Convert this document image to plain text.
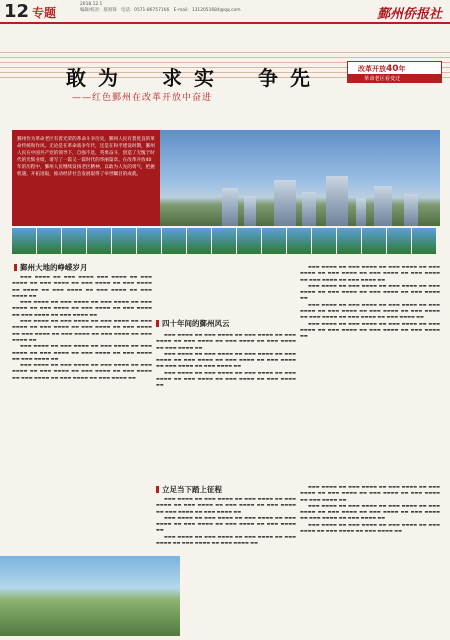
12 专题
2018.12.1
编辑/校对：蔡祖锋　电话：0571-86757166　E-mail：1312051684@qq.com	鄞州侨报社
改革开放40年
革命老区看变迁
敢为　求实　争先
——红色鄞州在改革开放中奋进
鄞州作为革命老区有着光荣的革命斗争历史，鄞州人民有着优良的革命传统和作风。无论是在革命战争年代，还是在和平建设时期，鄞州人民在中国共产党的领导下，自强不息，英勇奋斗，创造了无愧于时代的光辉业绩，谱写了一篇又一篇时代的华丽篇章。在改革开放40年的历程中，鄞州人民继续发扬老区精神，以敢为人先的勇气，把握机遇，开拓进取，推动经济社会发展取得了举世瞩目的成就。
鄞州大地的峥嵘岁月

▬▬▬ ▬▬▬▬ ▬▬ ▬▬▬ ▬▬▬▬ ▬▬▬ ▬▬▬▬ ▬▬ ▬▬▬ ▬▬▬▬ ▬▬ ▬▬▬ ▬▬▬▬ ▬▬ ▬▬▬ ▬▬▬▬ ▬▬ ▬▬▬ ▬▬▬▬ ▬▬ ▬▬▬▬ ▬▬ ▬▬▬ ▬▬▬▬ ▬▬ ▬▬▬ ▬▬▬▬ ▬▬ ▬▬▬ ▬▬▬▬ ▬▬

▬▬▬ ▬▬▬▬ ▬▬ ▬▬▬ ▬▬▬▬ ▬▬ ▬▬▬ ▬▬▬▬ ▬▬ ▬▬▬ ▬▬▬▬ ▬▬ ▬▬▬ ▬▬▬▬ ▬▬ ▬▬▬ ▬▬▬▬ ▬▬ ▬▬▬ ▬▬▬▬ ▬▬ ▬▬▬ ▬▬▬▬ ▬▬ ▬▬▬ ▬▬▬▬ ▬▬

▬▬▬ ▬▬▬▬ ▬▬ ▬▬▬ ▬▬▬▬ ▬▬ ▬▬▬ ▬▬▬▬ ▬▬ ▬▬▬ ▬▬▬▬ ▬▬ ▬▬▬ ▬▬▬▬ ▬▬ ▬▬▬ ▬▬▬▬ ▬▬ ▬▬▬ ▬▬▬▬ ▬▬ ▬▬▬ ▬▬▬▬ ▬▬ ▬▬▬ ▬▬▬▬ ▬▬ ▬▬▬ ▬▬▬▬ ▬▬ ▬▬▬ ▬▬▬▬ ▬▬

▬▬▬ ▬▬▬▬ ▬▬ ▬▬▬ ▬▬▬▬ ▬▬ ▬▬▬ ▬▬▬▬ ▬▬ ▬▬▬ ▬▬▬▬ ▬▬ ▬▬▬ ▬▬▬▬ ▬▬ ▬▬▬ ▬▬▬▬ ▬▬ ▬▬▬ ▬▬▬▬ ▬▬ ▬▬▬ ▬▬▬▬ ▬▬

▬▬▬ ▬▬▬▬ ▬▬ ▬▬▬ ▬▬▬▬ ▬▬ ▬▬▬ ▬▬▬▬ ▬▬ ▬▬▬ ▬▬▬▬ ▬▬ ▬▬▬ ▬▬▬▬ ▬▬ ▬▬▬ ▬▬▬▬ ▬▬ ▬▬▬ ▬▬▬▬ ▬▬ ▬▬▬ ▬▬▬▬ ▬▬ ▬▬▬ ▬▬▬▬ ▬▬ ▬▬▬ ▬▬▬▬ ▬▬

四十年间的鄞州风云

▬▬▬ ▬▬▬▬ ▬▬ ▬▬▬ ▬▬▬▬ ▬▬ ▬▬▬ ▬▬▬▬ ▬▬ ▬▬▬ ▬▬▬▬ ▬▬ ▬▬▬ ▬▬▬▬ ▬▬ ▬▬▬ ▬▬▬▬ ▬▬ ▬▬▬ ▬▬▬▬ ▬▬ ▬▬▬ ▬▬▬▬ ▬▬

▬▬▬ ▬▬▬▬ ▬▬ ▬▬▬ ▬▬▬▬ ▬▬ ▬▬▬ ▬▬▬▬ ▬▬ ▬▬▬ ▬▬▬▬ ▬▬ ▬▬▬ ▬▬▬▬ ▬▬ ▬▬▬ ▬▬▬▬ ▬▬ ▬▬▬ ▬▬▬▬ ▬▬ ▬▬▬ ▬▬▬▬ ▬▬ ▬▬▬ ▬▬▬▬ ▬▬

▬▬▬ ▬▬▬▬ ▬▬ ▬▬▬ ▬▬▬▬ ▬▬ ▬▬▬ ▬▬▬▬ ▬▬ ▬▬▬ ▬▬▬▬ ▬▬ ▬▬▬ ▬▬▬▬ ▬▬ ▬▬▬ ▬▬▬▬ ▬▬ ▬▬▬ ▬▬▬▬ ▬▬

▬▬▬ ▬▬▬▬ ▬▬ ▬▬▬ ▬▬▬▬ ▬▬ ▬▬▬ ▬▬▬▬ ▬▬ ▬▬▬ ▬▬▬▬ ▬▬ ▬▬▬ ▬▬▬▬ ▬▬ ▬▬▬ ▬▬▬▬ ▬▬ ▬▬▬ ▬▬▬▬ ▬▬ ▬▬▬ ▬▬▬▬ ▬▬ ▬▬▬ ▬▬▬▬ ▬▬

▬▬▬ ▬▬▬▬ ▬▬ ▬▬▬ ▬▬▬▬ ▬▬ ▬▬▬ ▬▬▬▬ ▬▬ ▬▬▬ ▬▬▬▬ ▬▬ ▬▬▬ ▬▬▬▬ ▬▬ ▬▬▬ ▬▬▬▬ ▬▬ ▬▬▬ ▬▬▬▬ ▬▬

▬▬▬ ▬▬▬▬ ▬▬ ▬▬▬ ▬▬▬▬ ▬▬ ▬▬▬ ▬▬▬▬ ▬▬ ▬▬▬ ▬▬▬▬ ▬▬ ▬▬▬ ▬▬▬▬ ▬▬ ▬▬▬ ▬▬▬▬ ▬▬ ▬▬▬ ▬▬▬▬ ▬▬ ▬▬▬ ▬▬▬▬ ▬▬ ▬▬▬ ▬▬▬▬ ▬▬ ▬▬▬ ▬▬▬▬ ▬▬

▬▬▬ ▬▬▬▬ ▬▬ ▬▬▬ ▬▬▬▬ ▬▬ ▬▬▬ ▬▬▬▬ ▬▬ ▬▬▬ ▬▬▬▬ ▬▬ ▬▬▬ ▬▬▬▬ ▬▬ ▬▬▬ ▬▬▬▬ ▬▬ ▬▬▬ ▬▬▬▬ ▬▬

立足当下踏上征程

▬▬▬ ▬▬▬▬ ▬▬ ▬▬▬ ▬▬▬▬ ▬▬ ▬▬▬ ▬▬▬▬ ▬▬ ▬▬▬ ▬▬▬▬ ▬▬ ▬▬▬ ▬▬▬▬ ▬▬ ▬▬▬ ▬▬▬▬ ▬▬ ▬▬▬ ▬▬▬▬ ▬▬ ▬▬▬ ▬▬▬▬ ▬▬ ▬▬▬ ▬▬▬▬ ▬▬

▬▬▬ ▬▬▬▬ ▬▬ ▬▬▬ ▬▬▬▬ ▬▬ ▬▬▬ ▬▬▬▬ ▬▬ ▬▬▬ ▬▬▬▬ ▬▬ ▬▬▬ ▬▬▬▬ ▬▬ ▬▬▬ ▬▬▬▬ ▬▬ ▬▬▬ ▬▬▬▬ ▬▬

▬▬▬ ▬▬▬▬ ▬▬ ▬▬▬ ▬▬▬▬ ▬▬ ▬▬▬ ▬▬▬▬ ▬▬ ▬▬▬ ▬▬▬▬ ▬▬ ▬▬▬ ▬▬▬▬ ▬▬ ▬▬▬ ▬▬▬▬ ▬▬

▬▬▬ ▬▬▬▬ ▬▬ ▬▬▬ ▬▬▬▬ ▬▬ ▬▬▬ ▬▬▬▬ ▬▬ ▬▬▬ ▬▬▬▬ ▬▬ ▬▬▬ ▬▬▬▬ ▬▬ ▬▬▬ ▬▬▬▬ ▬▬ ▬▬▬ ▬▬▬▬ ▬▬ ▬▬▬ ▬▬▬▬ ▬▬

▬▬▬ ▬▬▬▬ ▬▬ ▬▬▬ ▬▬▬▬ ▬▬ ▬▬▬ ▬▬▬▬ ▬▬ ▬▬▬ ▬▬▬▬ ▬▬ ▬▬▬ ▬▬▬▬ ▬▬ ▬▬▬ ▬▬▬▬ ▬▬ ▬▬▬ ▬▬▬▬ ▬▬ ▬▬▬ ▬▬▬▬ ▬▬ ▬▬▬ ▬▬▬▬ ▬▬

▬▬▬ ▬▬▬▬ ▬▬ ▬▬▬ ▬▬▬▬ ▬▬ ▬▬▬ ▬▬▬▬ ▬▬ ▬▬▬ ▬▬▬▬ ▬▬ ▬▬▬ ▬▬▬▬ ▬▬ ▬▬▬ ▬▬▬▬ ▬▬
